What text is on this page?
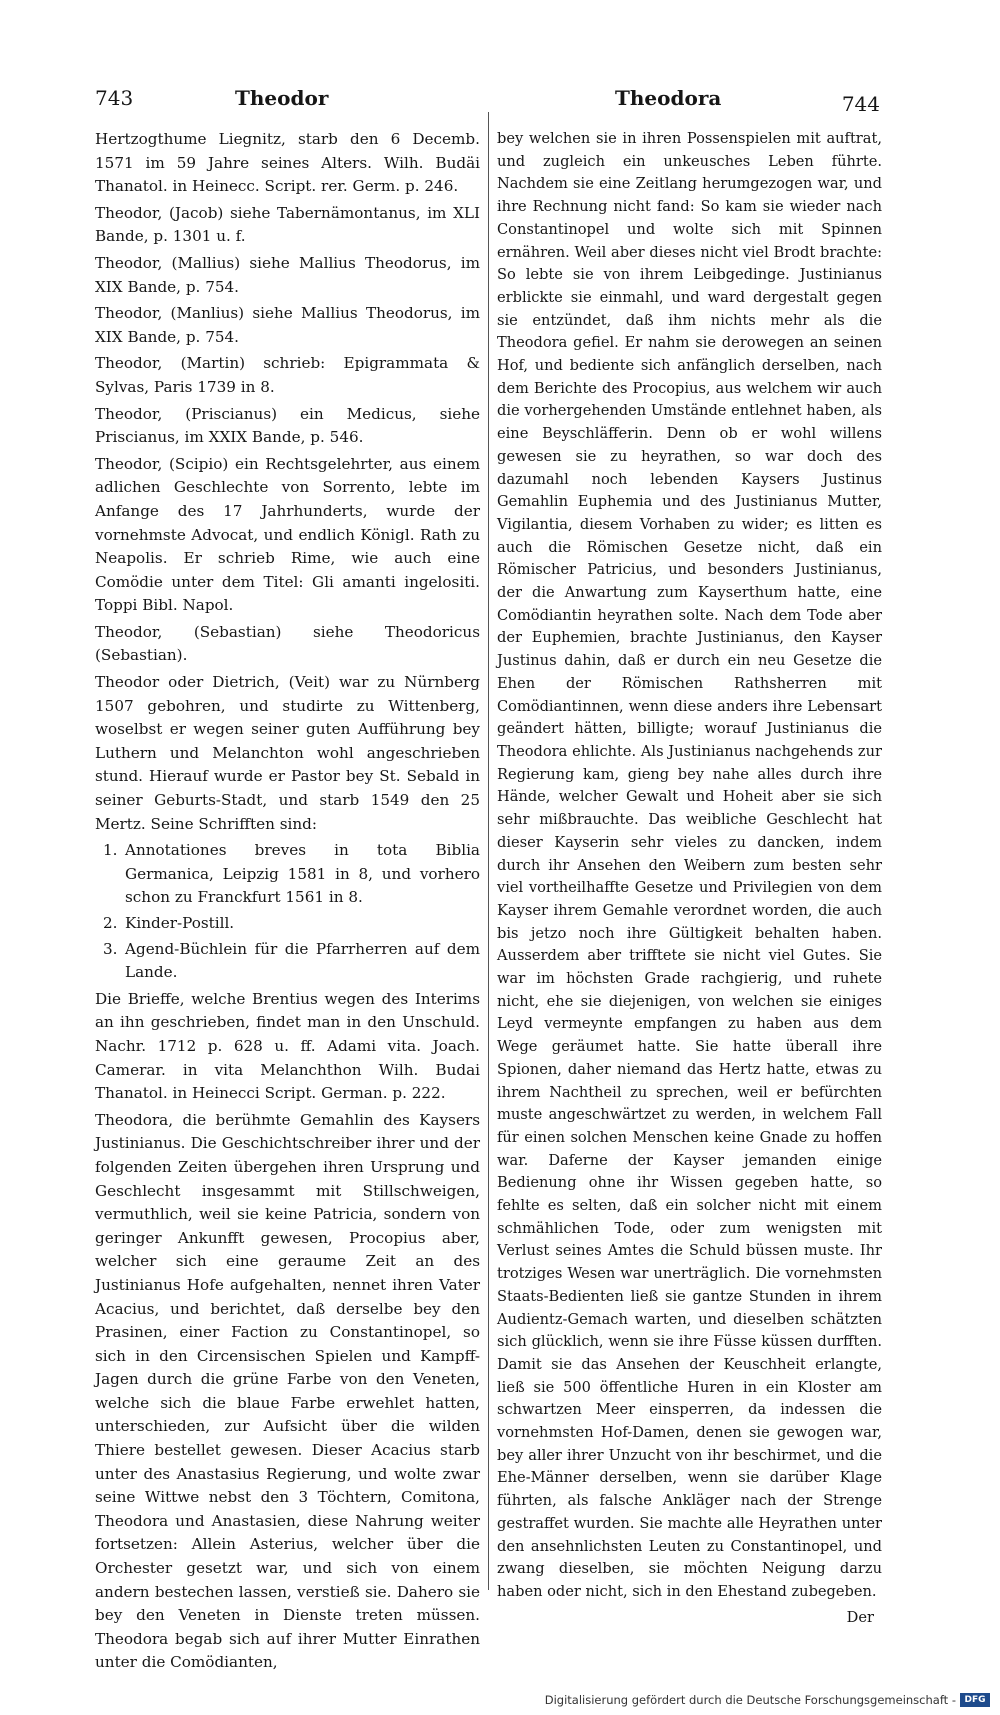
743	Theodor	Theodora	744

Hertzogthume Liegnitz, starb den 6 Decemb. 1571 im 59 Jahre seines Alters. Wilh. Budäi Thanatol. in Heinecc. Script. rer. Germ. p. 246.

Theodor, (Jacob) siehe Tabernämontanus, im XLI Bande, p. 1301 u. f.

Theodor, (Mallius) siehe Mallius Theodorus, im XIX Bande, p. 754.

Theodor, (Manlius) siehe Mallius Theodorus, im XIX Bande, p. 754.

Theodor, (Martin) schrieb: Epigrammata & Sylvas, Paris 1739 in 8.

Theodor, (Priscianus) ein Medicus, siehe Priscianus, im XXIX Bande, p. 546.

Theodor, (Scipio) ein Rechtsgelehrter, aus einem adlichen Geschlechte von Sorrento, lebte im Anfange des 17 Jahrhunderts, wurde der vornehmste Advocat, und endlich Königl. Rath zu Neapolis. Er schrieb Rime, wie auch eine Comödie unter dem Titel: Gli amanti ingelositi. Toppi Bibl. Napol.

Theodor, (Sebastian) siehe Theodoricus (Sebastian).

Theodor oder Dietrich, (Veit) war zu Nürnberg 1507 gebohren, und studirte zu Wittenberg, woselbst er wegen seiner guten Aufführung bey Luthern und Melanchton wohl angeschrieben stund. Hierauf wurde er Pastor bey St. Sebald in seiner Geburts-Stadt, und starb 1549 den 25 Mertz. Seine Schrifften sind:

1. Annotationes breves in tota Biblia Germanica, Leipzig 1581 in 8, und vorhero schon zu Franckfurt 1561 in 8.
2. Kinder-Postill.
3. Agend-Büchlein für die Pfarrherren auf dem Lande.

Die Brieffe, welche Brentius wegen des Interims an ihn geschrieben, findet man in den Unschuld. Nachr. 1712 p. 628 u. ff. Adami vita. Joach. Camerar. in vita Melanchthon Wilh. Budai Thanatol. in Heinecci Script. German. p. 222.

Theodora, die berühmte Gemahlin des Kaysers Justinianus. Die Geschichtschreiber ihrer und der folgenden Zeiten übergehen ihren Ursprung und Geschlecht insgesammt mit Stillschweigen, vermuthlich, weil sie keine Patricia, sondern von geringer Ankunfft gewesen, Procopius aber, welcher sich eine geraume Zeit an des Justinianus Hofe aufgehalten, nennet ihren Vater Acacius, und berichtet, daß derselbe bey den Prasinen, einer Faction zu Constantinopel, so sich in den Circensischen Spielen und Kampff-Jagen durch die grüne Farbe von den Veneten, welche sich die blaue Farbe erwehlet hatten, unterschieden, zur Aufsicht über die wilden Thiere bestellet gewesen. Dieser Acacius starb unter des Anastasius Regierung, und wolte zwar seine Wittwe nebst den 3 Töchtern, Comitona, Theodora und Anastasien, diese Nahrung weiter fortsetzen: Allein Asterius, welcher über die Orchester gesetzt war, und sich von einem andern bestechen lassen, verstieß sie. Dahero sie bey den Veneten in Dienste treten müssen. Theodora begab sich auf ihrer Mutter Einrathen unter die Comödianten,

bey welchen sie in ihren Possenspielen mit auftrat, und zugleich ein unkeusches Leben führte. Nachdem sie eine Zeitlang herumgezogen war, und ihre Rechnung nicht fand: So kam sie wieder nach Constantinopel und wolte sich mit Spinnen ernähren. Weil aber dieses nicht viel Brodt brachte: So lebte sie von ihrem Leibgedinge. Justinianus erblickte sie einmahl, und ward dergestalt gegen sie entzündet, daß ihm nichts mehr als die Theodora gefiel. Er nahm sie derowegen an seinen Hof, und bediente sich anfänglich derselben, nach dem Berichte des Procopius, aus welchem wir auch die vorhergehenden Umstände entlehnet haben, als eine Beyschläfferin. Denn ob er wohl willens gewesen sie zu heyrathen, so war doch des dazumahl noch lebenden Kaysers Justinus Gemahlin Euphemia und des Justinianus Mutter, Vigilantia, diesem Vorhaben zu wider; es litten es auch die Römischen Gesetze nicht, daß ein Römischer Patricius, und besonders Justinianus, der die Anwartung zum Kayserthum hatte, eine Comödiantin heyrathen solte. Nach dem Tode aber der Euphemien, brachte Justinianus, den Kayser Justinus dahin, daß er durch ein neu Gesetze die Ehen der Römischen Rathsherren mit Comödiantinnen, wenn diese anders ihre Lebensart geändert hätten, billigte; worauf Justinianus die Theodora ehlichte. Als Justinianus nachgehends zur Regierung kam, gieng bey nahe alles durch ihre Hände, welcher Gewalt und Hoheit aber sie sich sehr mißbrauchte. Das weibliche Geschlecht hat dieser Kayserin sehr vieles zu dancken, indem durch ihr Ansehen den Weibern zum besten sehr viel vortheilhaffte Gesetze und Privilegien von dem Kayser ihrem Gemahle verordnet worden, die auch bis jetzo noch ihre Gültigkeit behalten haben. Ausserdem aber trifftete sie nicht viel Gutes. Sie war im höchsten Grade rachgierig, und ruhete nicht, ehe sie diejenigen, von welchen sie einiges Leyd vermeynte empfangen zu haben aus dem Wege geräumet hatte. Sie hatte überall ihre Spionen, daher niemand das Hertz hatte, etwas zu ihrem Nachtheil zu sprechen, weil er befürchten muste angeschwärtzet zu werden, in welchem Fall für einen solchen Menschen keine Gnade zu hoffen war. Daferne der Kayser jemanden einige Bedienung ohne ihr Wissen gegeben hatte, so fehlte es selten, daß ein solcher nicht mit einem schmählichen Tode, oder zum wenigsten mit Verlust seines Amtes die Schuld büssen muste. Ihr trotziges Wesen war unerträglich. Die vornehmsten Staats-Bedienten ließ sie gantze Stunden in ihrem Audientz-Gemach warten, und dieselben schätzten sich glücklich, wenn sie ihre Füsse küssen durfften. Damit sie das Ansehen der Keuschheit erlangte, ließ sie 500 öffentliche Huren in ein Kloster am schwartzen Meer einsperren, da indessen die vornehmsten Hof-Damen, denen sie gewogen war, bey aller ihrer Unzucht von ihr beschirmet, und die Ehe-Männer derselben, wenn sie darüber Klage führten, als falsche Ankläger nach der Strenge gestraffet wurden. Sie machte alle Heyrathen unter den ansehnlichsten Leuten zu Constantinopel, und zwang dieselben, sie möchten Neigung darzu haben oder nicht, sich in den Ehestand zubegeben.

Der
Digitalisierung gefördert durch die Deutsche Forschungsgemeinschaft - DFG
